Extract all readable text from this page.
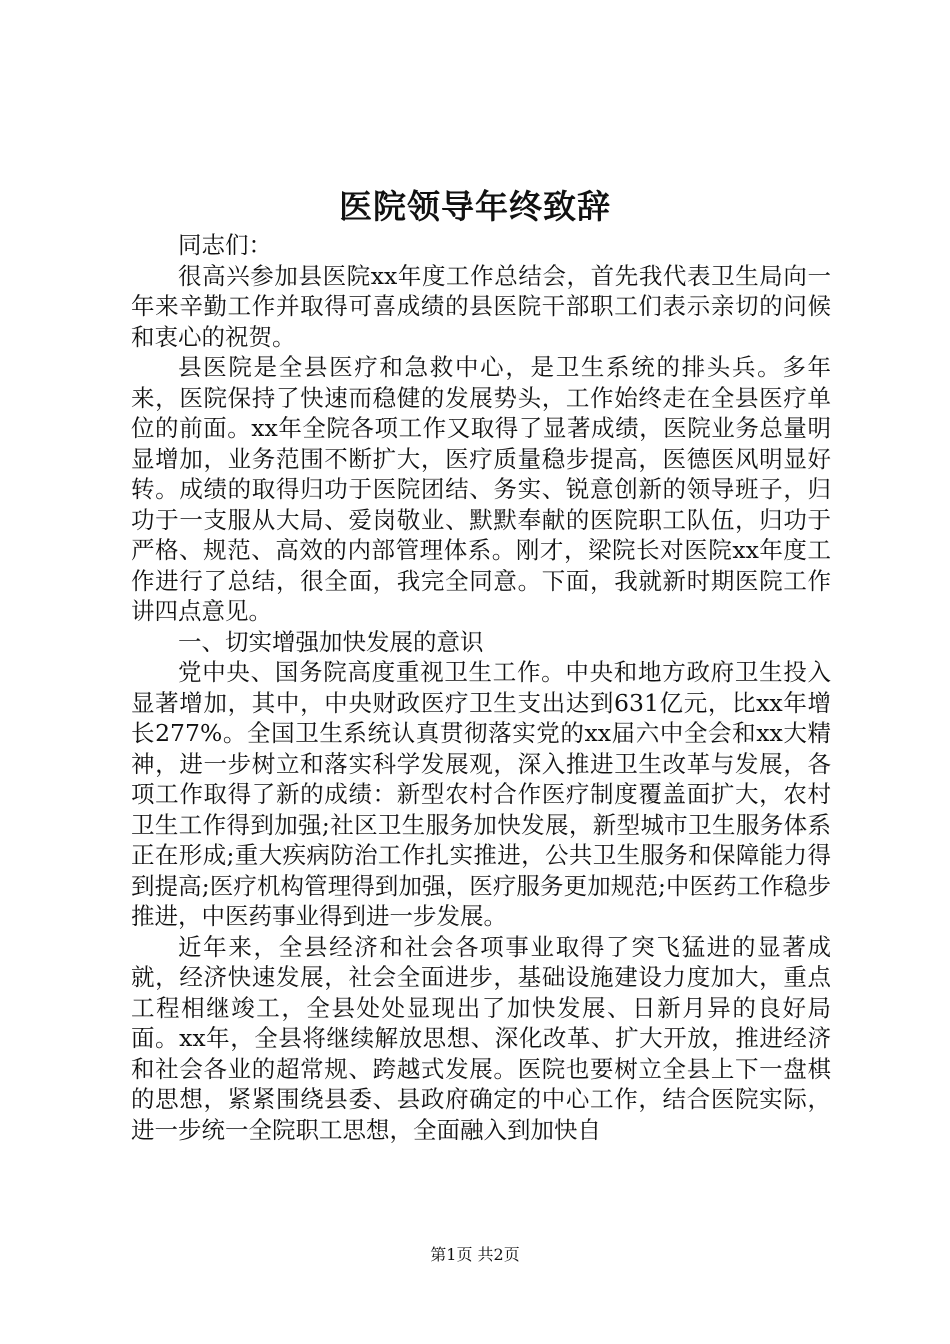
医院领导年终致辞

同志们：

很高兴参加县医院xx年度工作总结会，首先我代表卫生局向一年来辛勤工作并取得可喜成绩的县医院干部职工们表示亲切的问候和衷心的祝贺。

县医院是全县医疗和急救中心，是卫生系统的排头兵。多年来，医院保持了快速而稳健的发展势头，工作始终走在全县医疗单位的前面。xx年全院各项工作又取得了显著成绩，医院业务总量明显增加，业务范围不断扩大，医疗质量稳步提高，医德医风明显好转。成绩的取得归功于医院团结、务实、锐意创新的领导班子，归功于一支服从大局、爱岗敬业、默默奉献的医院职工队伍，归功于严格、规范、高效的内部管理体系。刚才，梁院长对医院xx年度工作进行了总结，很全面，我完全同意。下面，我就新时期医院工作讲四点意见。

一、切实增强加快发展的意识

党中央、国务院高度重视卫生工作。中央和地方政府卫生投入显著增加，其中，中央财政医疗卫生支出达到631亿元，比xx年增长277%。全国卫生系统认真贯彻落实党的xx届六中全会和xx大精神，进一步树立和落实科学发展观，深入推进卫生改革与发展，各项工作取得了新的成绩：新型农村合作医疗制度覆盖面扩大，农村卫生工作得到加强;社区卫生服务加快发展，新型城市卫生服务体系正在形成;重大疾病防治工作扎实推进，公共卫生服务和保障能力得到提高;医疗机构管理得到加强，医疗服务更加规范;中医药工作稳步推进，中医药事业得到进一步发展。

近年来，全县经济和社会各项事业取得了突飞猛进的显著成就，经济快速发展，社会全面进步，基础设施建设力度加大，重点工程相继竣工，全县处处显现出了加快发展、日新月异的良好局面。xx年，全县将继续解放思想、深化改革、扩大开放，推进经济和社会各业的超常规、跨越式发展。医院也要树立全县上下一盘棋的思想，紧紧围绕县委、县政府确定的中心工作，结合医院实际，进一步统一全院职工思想，全面融入到加快自

第1页 共2页
